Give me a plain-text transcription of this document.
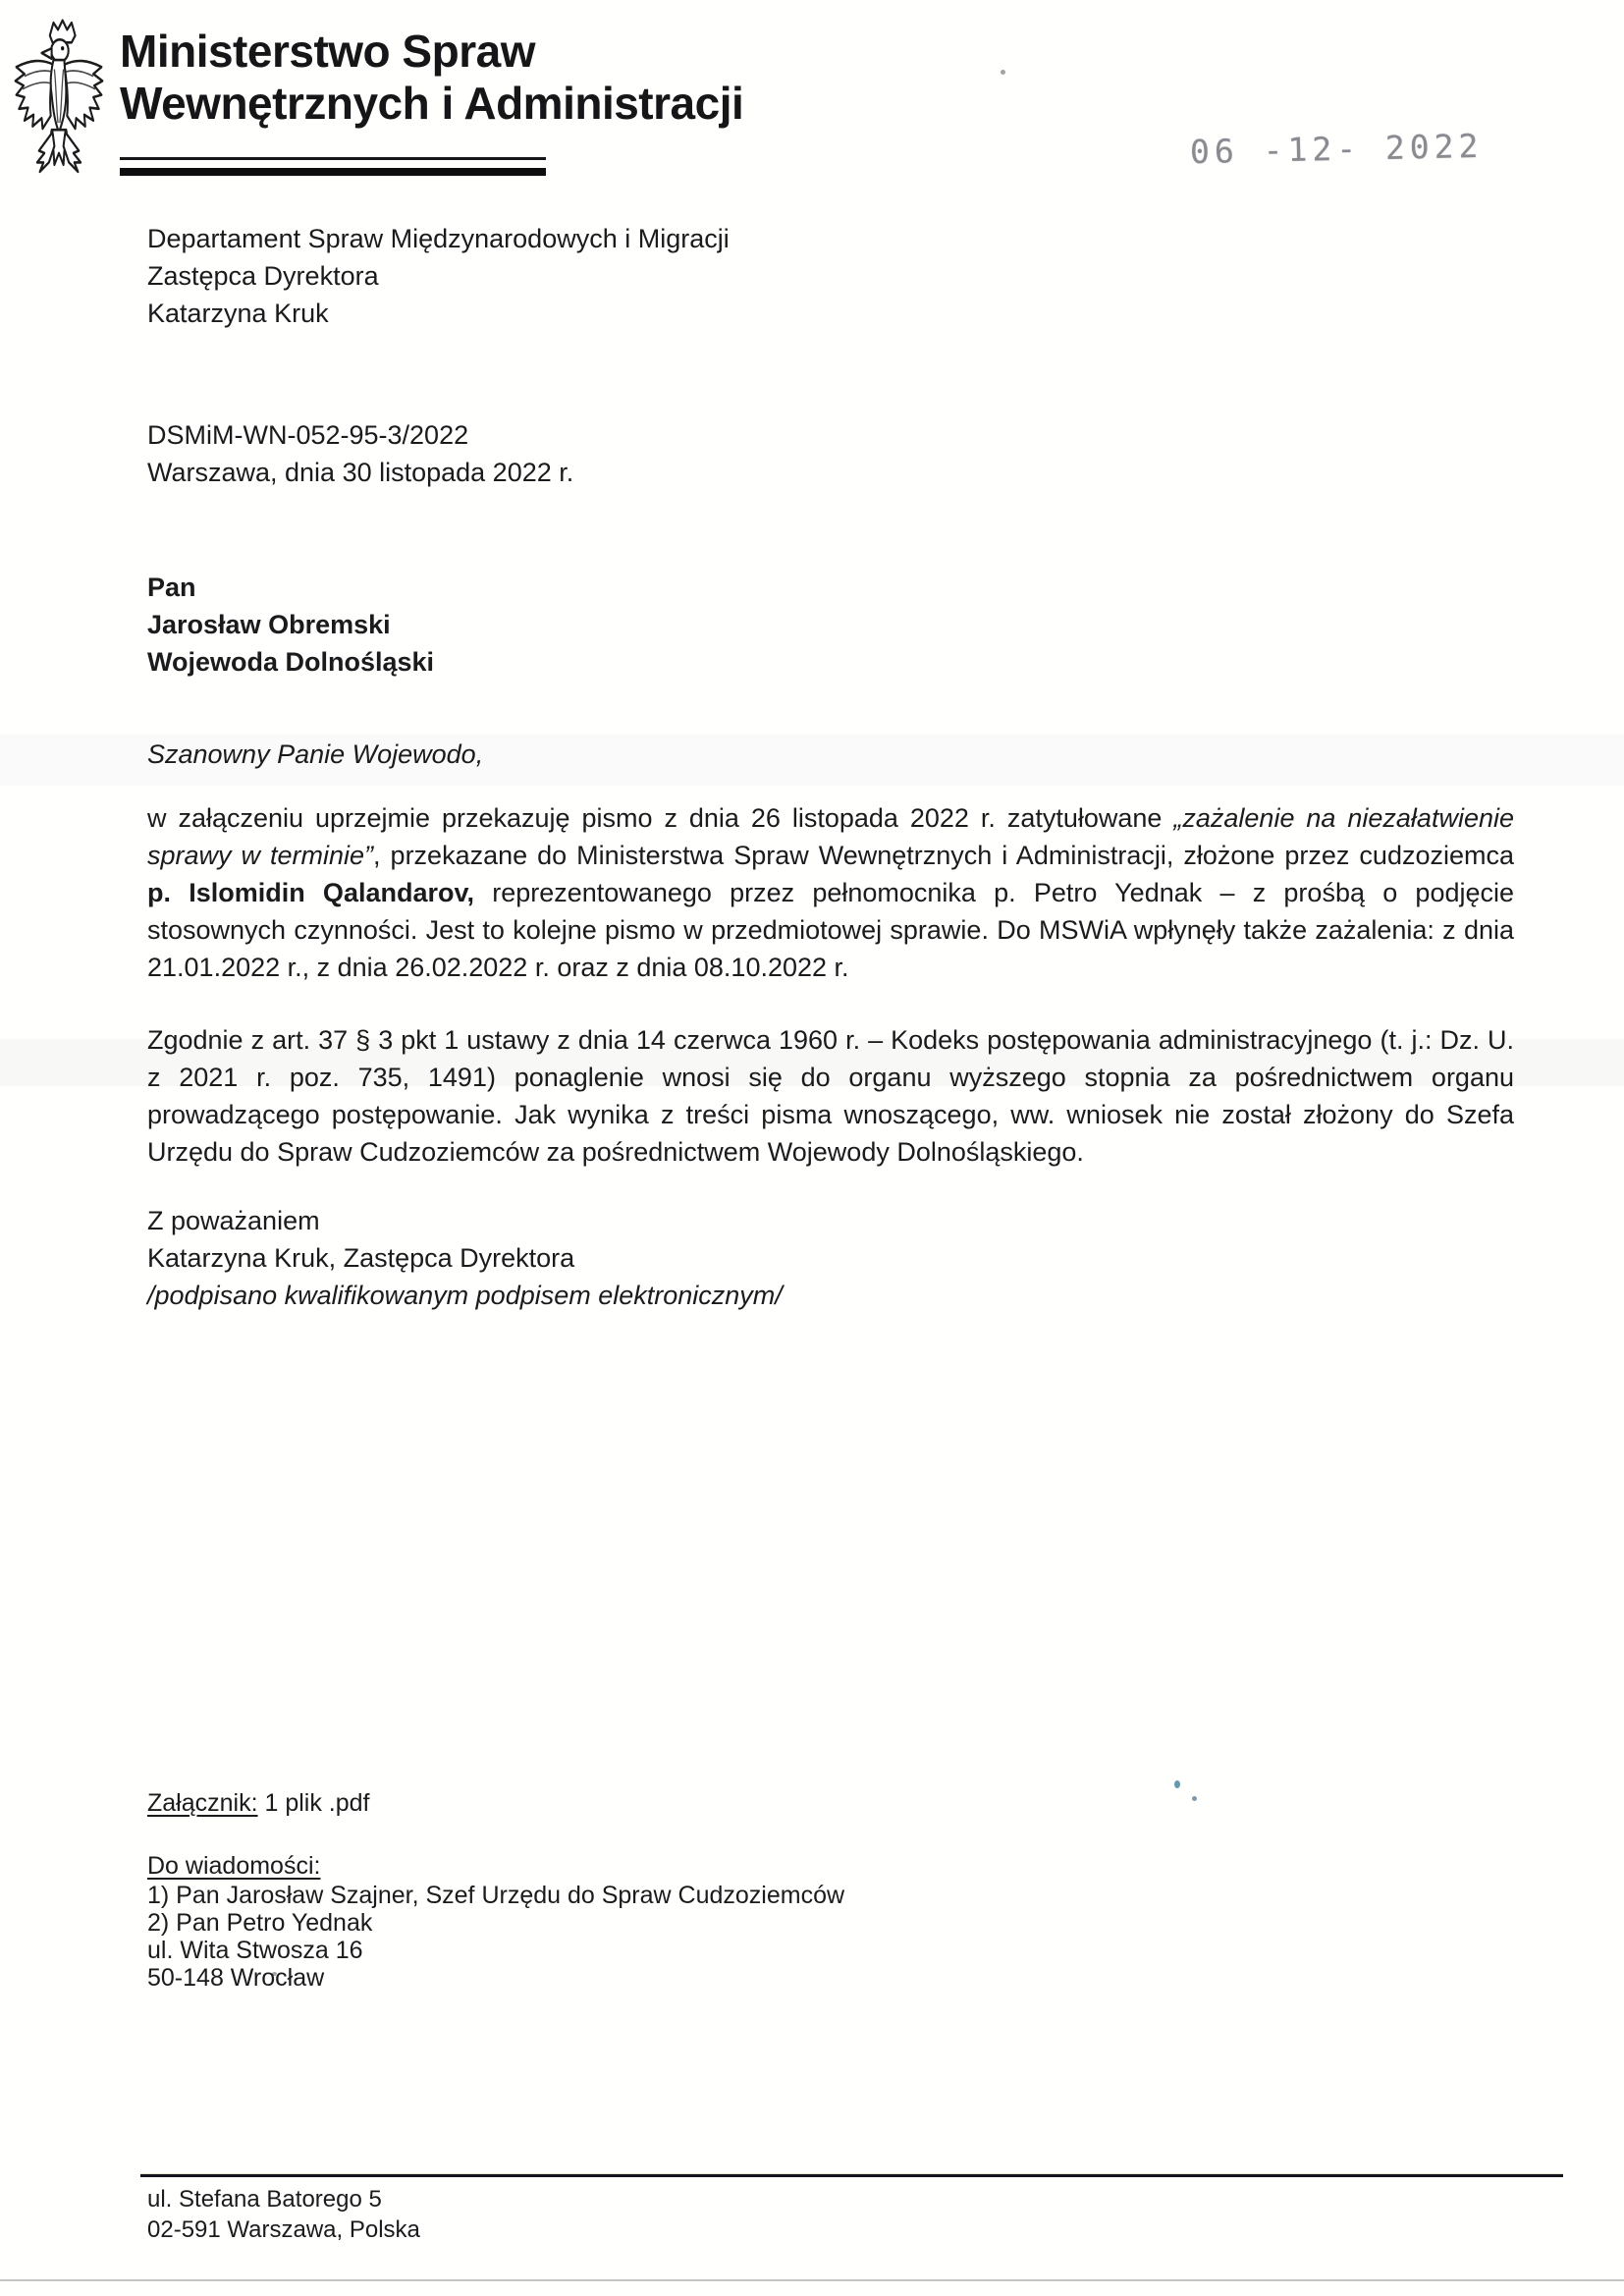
Ministerstwo Spraw
Wewnętrznych i Administracji
06 -12- 2022
Departament Spraw Międzynarodowych i Migracji
Zastępca Dyrektora
Katarzyna Kruk
DSMiM-WN-052-95-3/2022
Warszawa, dnia 30 listopada 2022 r.
Pan
Jarosław Obremski
Wojewoda Dolnośląski
Szanowny Panie Wojewodo,
w załączeniu uprzejmie przekazuję pismo z dnia 26 listopada 2022 r. zatytułowane „zażalenie na niezałatwienie sprawy w terminie”, przekazane do Ministerstwa Spraw Wewnętrznych i Administracji, złożone przez cudzoziemca p. Islomidin Qalandarov, reprezentowanego przez pełnomocnika p. Petro Yednak – z prośbą o podjęcie stosownych czynności. Jest to kolejne pismo w przedmiotowej sprawie. Do MSWiA wpłynęły także zażalenia: z dnia 21.01.2022 r., z dnia 26.02.2022 r. oraz z dnia 08.10.2022 r.
Zgodnie z art. 37 § 3 pkt 1 ustawy z dnia 14 czerwca 1960 r. – Kodeks postępowania administracyjnego (t. j.: Dz. U. z 2021 r. poz. 735, 1491) ponaglenie wnosi się do organu wyższego stopnia za pośrednictwem organu prowadzącego postępowanie. Jak wynika z treści pisma wnoszącego, ww. wniosek nie został złożony do Szefa Urzędu do Spraw Cudzoziemców za pośrednictwem Wojewody Dolnośląskiego.
Z poważaniem
Katarzyna Kruk, Zastępca Dyrektora
/podpisano kwalifikowanym podpisem elektronicznym/
Załącznik: 1 plik .pdf
Do wiadomości:
1) Pan Jarosław Szajner, Szef Urzędu do Spraw Cudzoziemców
2) Pan Petro Yednak
ul. Wita Stwosza 16
50-148 Wrocław
ul. Stefana Batorego 5
02-591 Warszawa, Polska
